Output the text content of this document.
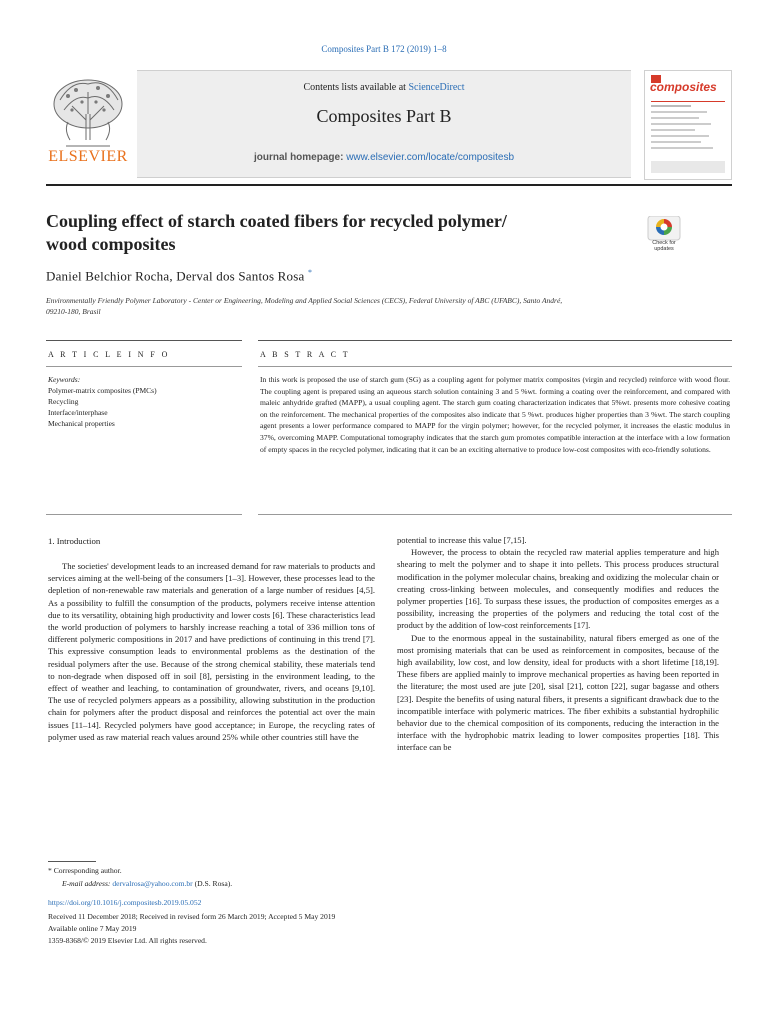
Composites Part B 172 (2019) 1–8
Contents lists available at ScienceDirect
Composites Part B
journal homepage: www.elsevier.com/locate/compositesb
ELSEVIER
composites
Coupling effect of starch coated fibers for recycled polymer/
wood composites	Check for
updates
Daniel Belchior Rocha, Derval dos Santos Rosa *
Environmentally Friendly Polymer Laboratory - Center or Engineering, Modeling and Applied Social Sciences (CECS), Federal University of ABC (UFABC), Santo André,
09210-180, Brasil
A R T I C L E I N F O	A B S T R A C T
Keywords:
Polymer-matrix composites (PMCs)
Recycling
Interface/interphase
Mechanical properties
In this work is proposed the use of starch gum (SG) as a coupling agent for polymer matrix composites (virgin and recycled) reinforce with wood flour. The coupling agent is prepared using an aqueous starch solution containing 3 and 5 %wt. forming a coating over the reinforcement, and compared with maleic anhydride grafted (MAPP), a usual coupling agent. The starch gum coating characterization indicates that 5%wt. presents more cohesive coating on the reinforcement. The mechanical properties of the composites also indicate that 5 %wt. produces higher properties than 3 %wt. The starch coupling agent presents a lower performance compared to MAPP for the virgin polymer; however, for the recycled polymer, it increases the elastic modulus in 37%, overcoming MAPP. Computational tomography indicates that the starch gum promotes compatible interaction at the interface with a low formation of empty spaces in the recycled polymer, indicating that it can be an exciting alternative to produce low-cost composites with eco-friendly solutions.
1. Introduction

The societies' development leads to an increased demand for raw materials to products and services aiming at the well-being of the consumers [1–3]. However, these processes lead to the depletion of non-renewable raw materials and generation of a large number of residues [4,5]. As a possibility to fulfill the consumption of the products, polymers receive intense attention due to its versatility, obtaining high productivity and lower costs [6]. These characteristics lead the world production of polymers to harshly increase reaching a total of 336 million tons of different polymeric compositions in 2017 and have predictions of continuing in this trend [7]. This expressive consumption leads to environmental problems as the destination of the residual polymers after the use. Because of the strong chemical stability, these materials tend to non-degrade when disposed off in soil [8], persisting in the environment leading, to the effect of weather and leaching, to contamination of groundwater, rivers, and oceans [9,10]. The use of recycled polymers appears as a possibility, allowing substitution in the production chain for polymers after the product disposal and reinforces the potential act over the main issues [11–14]. Recycled polymers have good acceptance; in Europe, the recycling rates of polymer used as raw material reach values around 25% while other countries still have the

potential to increase this value [7,15].

However, the process to obtain the recycled raw material applies temperature and high shearing to melt the polymer and to shape it into pellets. This process produces structural modification in the polymer molecular chains, breaking and oxidizing the molecular chain or creating cross-linking between molecules, and consequently modifies and reduces the polymer properties [16]. To surpass these issues, the production of composites emerges as a possibility, increasing the properties of the polymers and reducing the total cost of the product by the addition of low-cost reinforcements [17].

Due to the enormous appeal in the sustainability, natural fibers emerged as one of the most promising materials that can be used as reinforcement in composites, because of the high availability, low cost, and low density, ideal for products with a short lifetime [18,19]. These fibers are applied mainly to improve mechanical properties as having been reported in the literature; the most used are jute [20], sisal [21], cotton [22], sugar bagasse and others [23]. Despite the benefits of using natural fibers, it presents a significant drawback due to the incompatible interface with polymeric matrices. The fiber exhibits a substantial hydrophilic behavior due to the chemical composition of its components, reducing the interaction in the interface with the hydrophobic matrix leading to lower composites properties [18]. This interface can be

* Corresponding author.
E-mail address: dervalrosa@yahoo.com.br (D.S. Rosa).
https://doi.org/10.1016/j.compositesb.2019.05.052
Received 11 December 2018; Received in revised form 26 March 2019; Accepted 5 May 2019
Available online 7 May 2019
1359-8368/© 2019 Elsevier Ltd. All rights reserved.
